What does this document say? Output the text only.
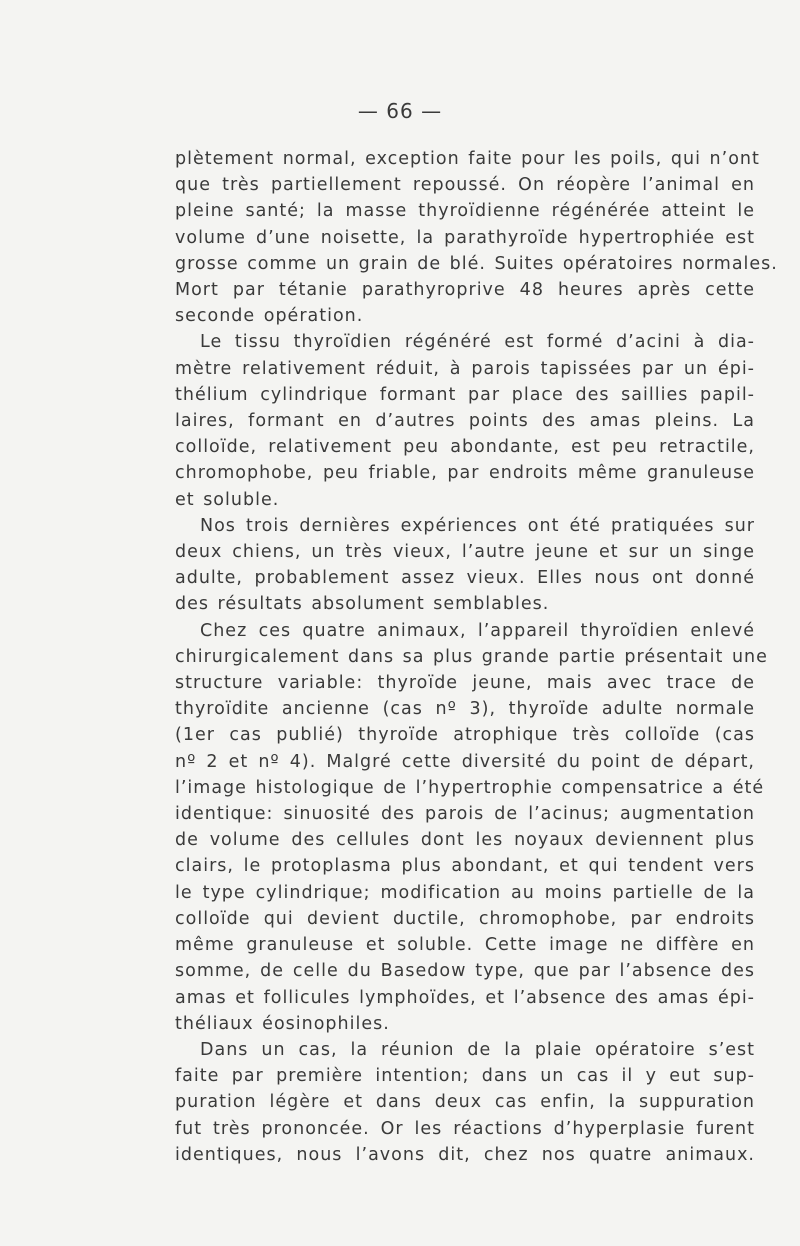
— 66 —
plètement normal, exception faite pour les poils, qui n’ont
que très partiellement repoussé. On réopère l’animal en
pleine santé; la masse thyroïdienne régénérée atteint le
volume d’une noisette, la parathyroïde hypertrophiée est
grosse comme un grain de blé. Suites opératoires normales.
Mort par tétanie parathyroprive 48 heures après cette
seconde opération.
Le tissu thyroïdien régénéré est formé d’acini à dia-
mètre relativement réduit, à parois tapissées par un épi-
thélium cylindrique formant par place des saillies papil-
laires, formant en d’autres points des amas pleins. La
colloïde, relativement peu abondante, est peu retractile,
chromophobe, peu friable, par endroits même granuleuse
et soluble.
Nos trois dernières expériences ont été pratiquées sur
deux chiens, un très vieux, l’autre jeune et sur un singe
adulte, probablement assez vieux. Elles nous ont donné
des résultats absolument semblables.
Chez ces quatre animaux, l’appareil thyroïdien enlevé
chirurgicalement dans sa plus grande partie présentait une
structure variable: thyroïde jeune, mais avec trace de
thyroïdite ancienne (cas nº 3), thyroïde adulte normale
(1er cas publié) thyroïde atrophique très colloïde (cas
nº 2 et nº 4). Malgré cette diversité du point de départ,
l’image histologique de l’hypertrophie compensatrice a été
identique: sinuosité des parois de l’acinus; augmentation
de volume des cellules dont les noyaux deviennent plus
clairs, le protoplasma plus abondant, et qui tendent vers
le type cylindrique; modification au moins partielle de la
colloïde qui devient ductile, chromophobe, par endroits
même granuleuse et soluble. Cette image ne diffère en
somme, de celle du Basedow type, que par l’absence des
amas et follicules lymphoïdes, et l’absence des amas épi-
théliaux éosinophiles.
Dans un cas, la réunion de la plaie opératoire s’est
faite par première intention; dans un cas il y eut sup-
puration légère et dans deux cas enfin, la suppuration
fut très prononcée. Or les réactions d’hyperplasie furent
identiques, nous l’avons dit, chez nos quatre animaux.
